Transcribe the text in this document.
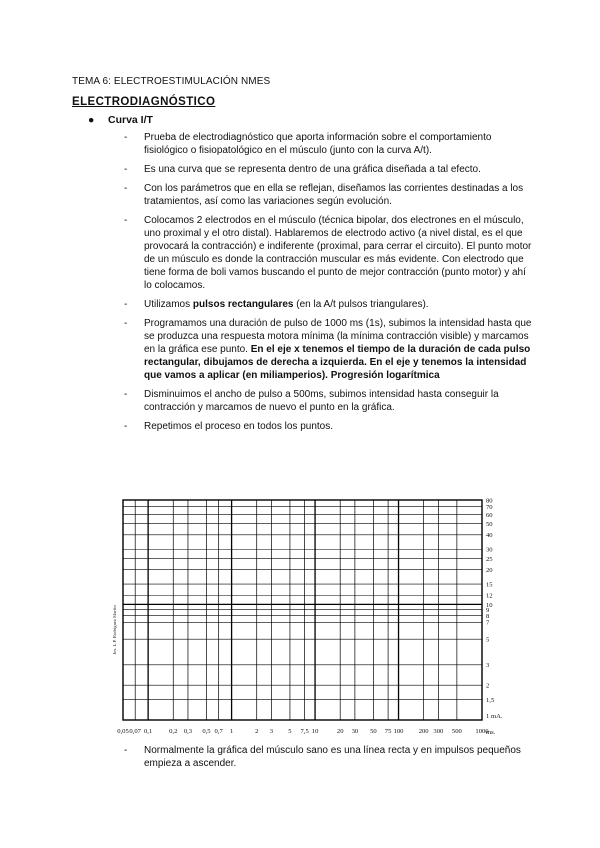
TEMA 6: ELECTROESTIMULACIÓN NMES
ELECTRODIAGNÓSTICO
●	Curva I/T
-	Prueba de electrodiagnóstico que aporta información sobre el comportamiento fisiológico o fisiopatológico en el músculo (junto con la curva A/t).
-	Es una curva que se representa dentro de una gráfica diseñada a tal efecto.
-	Con los parámetros que en ella se reflejan, diseñamos las corrientes destinadas a los tratamientos, así como las variaciones según evolución.
-	Colocamos 2 electrodos en el músculo (técnica bipolar, dos electrones en el músculo, uno proximal y el otro distal). Hablaremos de electrodo activo (a nivel distal, es el que provocará la contracción) e indiferente (proximal, para cerrar el circuito). El punto motor de un músculo es donde la contracción muscular es más evidente. Con electrodo que tiene forma de boli vamos buscando el punto de mejor contracción (punto motor) y ahí lo colocamos.
-	Utilizamos pulsos rectangulares (en la A/t pulsos triangulares).
-	Programamos una duración de pulso de 1000 ms (1s), subimos la intensidad hasta que se produzca una respuesta motora mínima (la mínima contracción visible) y marcamos en la gráfica ese punto. En el eje x tenemos el tiempo de la duración de cada pulso rectangular, dibujamos de derecha a izquierda. En el eje y tenemos la intensidad que vamos a aplicar (en miliamperios). Progresión logarítmica
-	Disminuimos el ancho de pulso a 500ms, subimos intensidad hasta conseguir la contracción y marcamos de nuevo el punto en la gráfica.
-	Repetimos el proceso en todos los puntos.
0,05 0,07 0,1	0,2 0,3 0,5 0,7 1	2 3 5 7,5 10	20 30 50 75 100 200 300 500 1000
1,5
2
3
5
7
8
9
10
12
15
20
25
30
40
50
60
70
80
ms.
1 mA.
Jos. L.P. Rodriguez Martín
-	Normalmente la gráfica del músculo sano es una línea recta y en impulsos pequeños empieza a ascender.
